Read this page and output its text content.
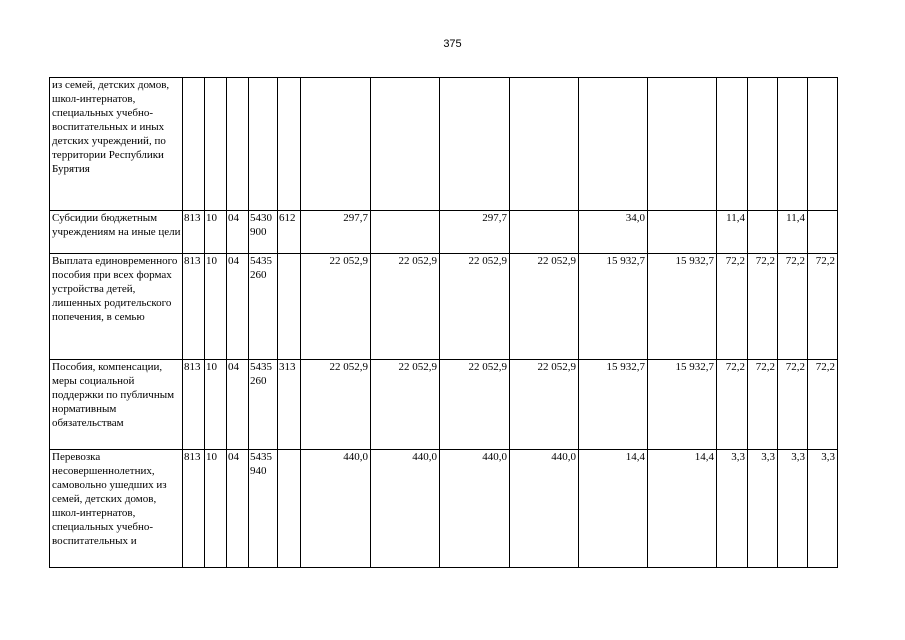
375
из семей, детских домов, школ-интернатов, специальных учебно-воспитательных и иных детских учреждений, по территории Республики Бурятия															
Субсидии бюджетным учреждениям на иные цели	813	10	04	5430 900	612	297,7		297,7		34,0		11,4		11,4	
Выплата единовременного пособия при всех формах устройства детей, лишенных родительского попечения, в семью	813	10	04	5435 260		22 052,9	22 052,9	22 052,9	22 052,9	15 932,7	15 932,7	72,2	72,2	72,2	72,2
Пособия, компенсации, меры социальной поддержки по публичным нормативным обязательствам	813	10	04	5435 260	313	22 052,9	22 052,9	22 052,9	22 052,9	15 932,7	15 932,7	72,2	72,2	72,2	72,2
Перевозка несовершеннолетних, самовольно ушедших из семей, детских домов, школ-интернатов, специальных учебно-воспитательных и	813	10	04	5435 940		440,0	440,0	440,0	440,0	14,4	14,4	3,3	3,3	3,3	3,3
